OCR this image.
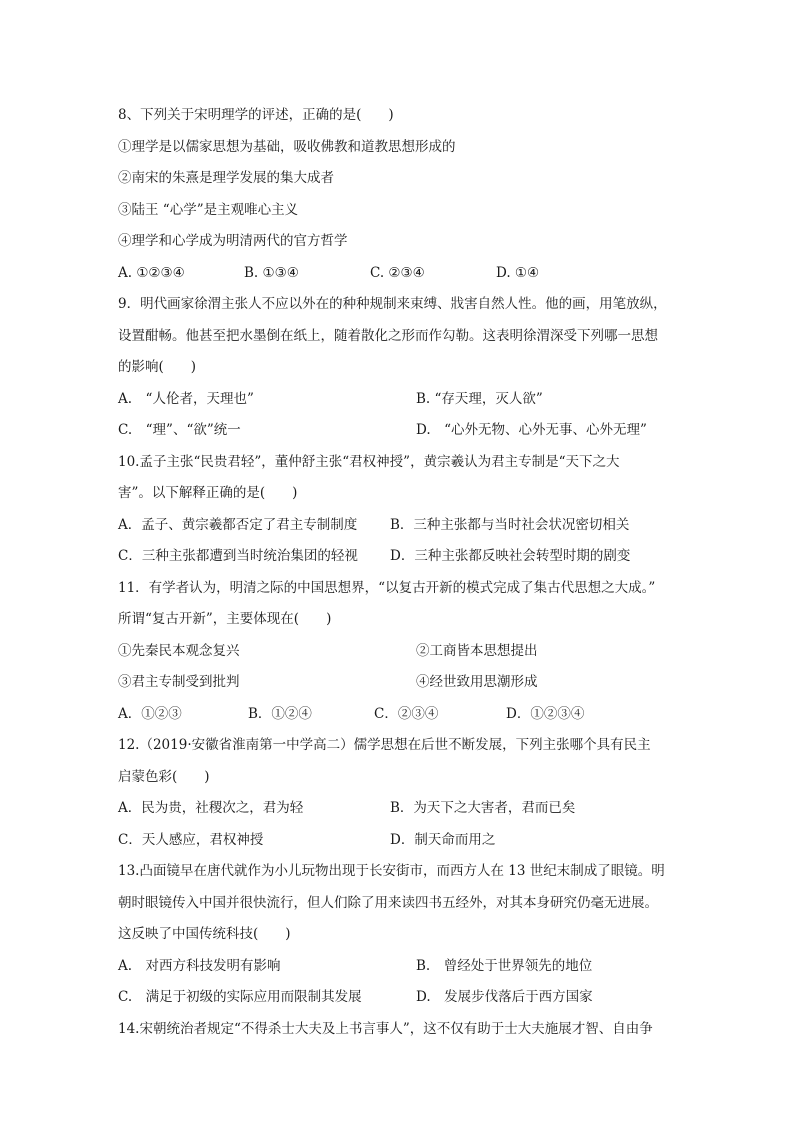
8、下列关于宋明理学的评述，正确的是(　　)
①理学是以儒家思想为基础，吸收佛教和道教思想形成的
②南宋的朱熹是理学发展的集大成者
③陆王 “心学”是主观唯心主义
④理学和心学成为明清两代的官方哲学
A. ①②③④	B. ①③④	C. ②③④	D. ①④
9．明代画家徐渭主张人不应以外在的种种规制来束缚、戕害自然人性。他的画，用笔放纵，
设置酣畅。他甚至把水墨倒在纸上，随着散化之形而作勾勒。这表明徐渭深受下列哪一思想
的影响(　　)
A.　“人伦者，天理也”	B. “存天理，灭人欲”
C.　“理”、“欲”统一	D.　“心外无物、心外无事、心外无理”
10.孟子主张“民贵君轻”，董仲舒主张“君权神授”，黄宗羲认为君主专制是“天下之大
害”。以下解释正确的是(　　)
A．孟子、黄宗羲都否定了君主专制制度	B．三种主张都与当时社会状况密切相关
C．三种主张都遭到当时统治集团的轻视	D．三种主张都反映社会转型时期的剧变
11．有学者认为，明清之际的中国思想界，“以复古开新的模式完成了集古代思想之大成。”
所谓“复古开新”，主要体现在(　　)
①先秦民本观念复兴	②工商皆本思想提出
③君主专制受到批判	④经世致用思潮形成
A．①②③	B．①②④	C．②③④	D．①②③④
12.（2019·安徽省淮南第一中学高二）儒学思想在后世不断发展，下列主张哪个具有民主
启蒙色彩(　　)
A．民为贵，社稷次之，君为轻	B．为天下之大害者，君而已矣
C．天人感应，君权神授	D．制天命而用之
13.凸面镜早在唐代就作为小儿玩物出现于长安街市，而西方人在 13 世纪末制成了眼镜。明
朝时眼镜传入中国并很快流行，但人们除了用来读四书五经外，对其本身研究仍毫无进展。
这反映了中国传统科技(　　)
A.　对西方科技发明有影响	B.　曾经处于世界领先的地位
C.　满足于初级的实际应用而限制其发展	D.　发展步伐落后于西方国家
14.宋朝统治者规定“不得杀士大夫及上书言事人”，这不仅有助于士大夫施展才智、自由争
